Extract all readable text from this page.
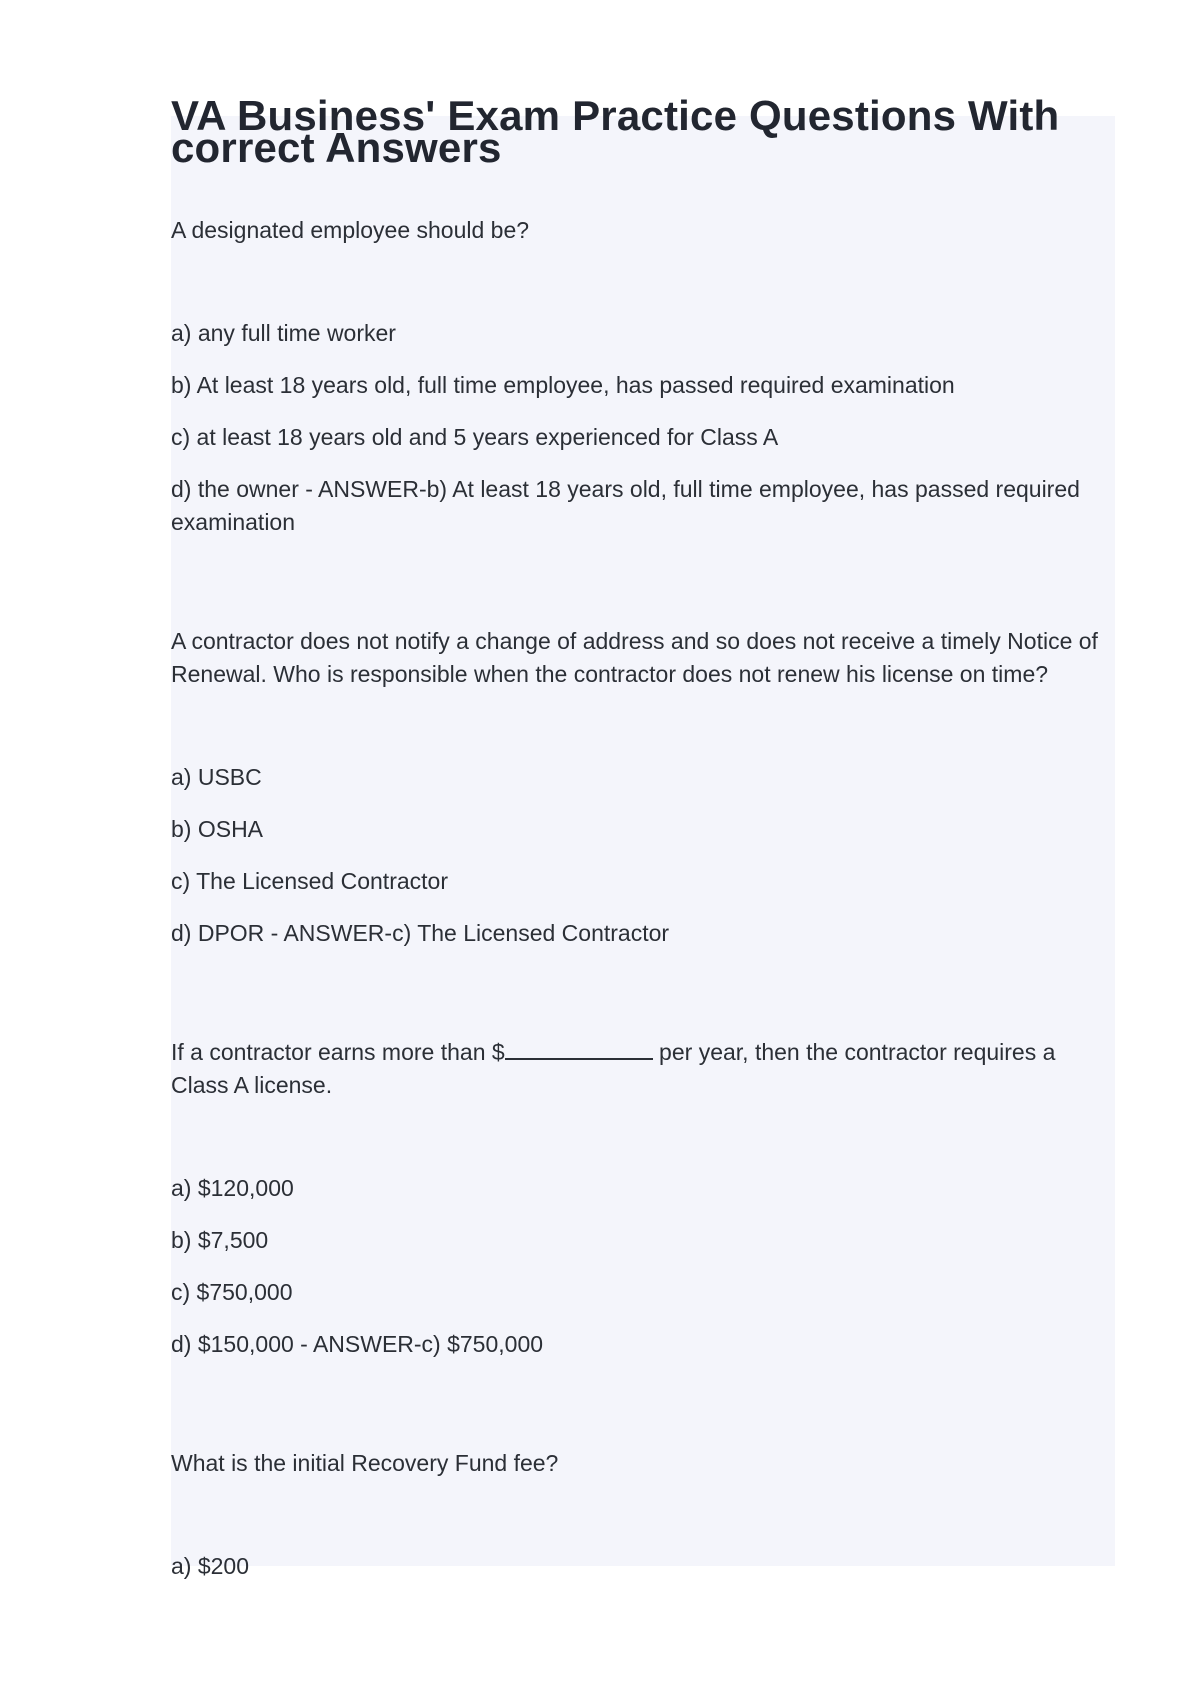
VA Business' Exam Practice Questions With correct Answers

A designated employee should be?

a) any full time worker

b) At least 18 years old, full time employee, has passed required examination

c) at least 18 years old and 5 years experienced for Class A

d) the owner - ANSWER-b) At least 18 years old, full time employee, has passed required examination

A contractor does not notify a change of address and so does not receive a timely Notice of Renewal. Who is responsible when the contractor does not renew his license on time?

a) USBC

b) OSHA

c) The Licensed Contractor

d) DPOR - ANSWER-c) The Licensed Contractor

If a contractor earns more than $	per year, then the contractor requires a Class A license.

a) $120,000

b) $7,500

c) $750,000

d) $150,000 - ANSWER-c) $750,000

What is the initial Recovery Fund fee?

a) $200
